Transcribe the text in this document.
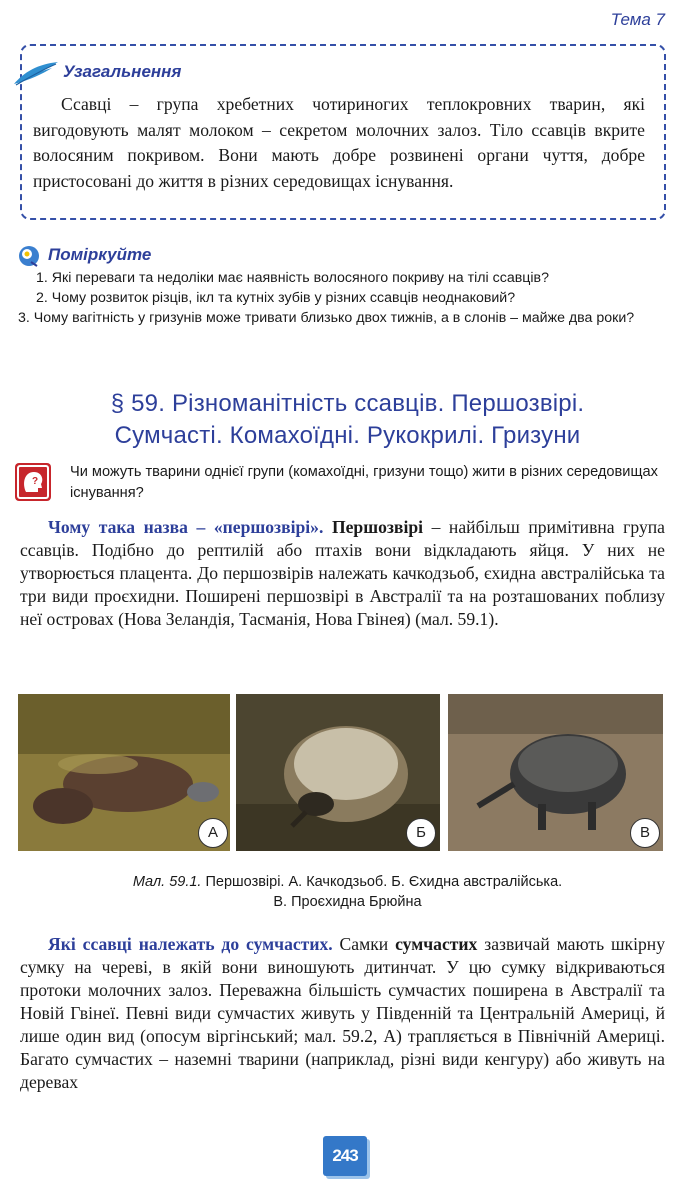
Тема 7
Узагальнення

Ссавці – група хребетних чотириногих теплокровних тварин, які вигодовують малят молоком – секретом молочних залоз. Тіло ссавців вкрите волосяним покривом. Вони мають добре розвинені органи чуття, добре пристосовані до життя в різних середовищах існування.

Поміркуйте
1. Які переваги та недоліки має наявність волосяного покриву на тілі ссавців?
2. Чому розвиток різців, ікл та кутніх зубів у різних ссавців неоднаковий?
3. Чому вагітність у гризунів може тривати близько двох тижнів, а в слонів – майже два роки?
§ 59. Різноманітність ссавців. Першозвірі.
Сумчасті. Комахоїдні. Рукокрилі. Гризуни
?

Чи можуть тварини однієї групи (комахоїдні, гризуни тощо) жити в різних середовищах існування?

Чому така назва – «першозвірі». Першозвірі – найбільш примітивна група ссавців. Подібно до рептилій або птахів вони відкладають яйця. У них не утворюється плацента. До першозвірів належать качкодзьоб, єхидна австралійська та три види проєхидни. Поширені першозвірі в Австралії та на розташованих поблизу неї островах (Нова Зеландія, Тасманія, Нова Гвінея) (мал. 59.1).

А	Б	В
Мал. 59.1. Першозвірі. А. Качкодзьоб. Б. Єхидна австралійська.
В. Проєхидна Брюйна

Які ссавці належать до сумчастих. Самки сумчастих зазвичай мають шкірну сумку на череві, в якій вони виношують дитинчат. У цю сумку відкриваються протоки молочних залоз. Переважна більшість сумчастих поширена в Австралії та Новій Гвінеї. Певні види сумчастих живуть у Південній та Центральній Америці, й лише один вид (опосум віргінський; мал. 59.2, А) трапляється в Північній Америці. Багато сумчастих – наземні тварини (наприклад, різні види кенгуру) або живуть на деревах

243
